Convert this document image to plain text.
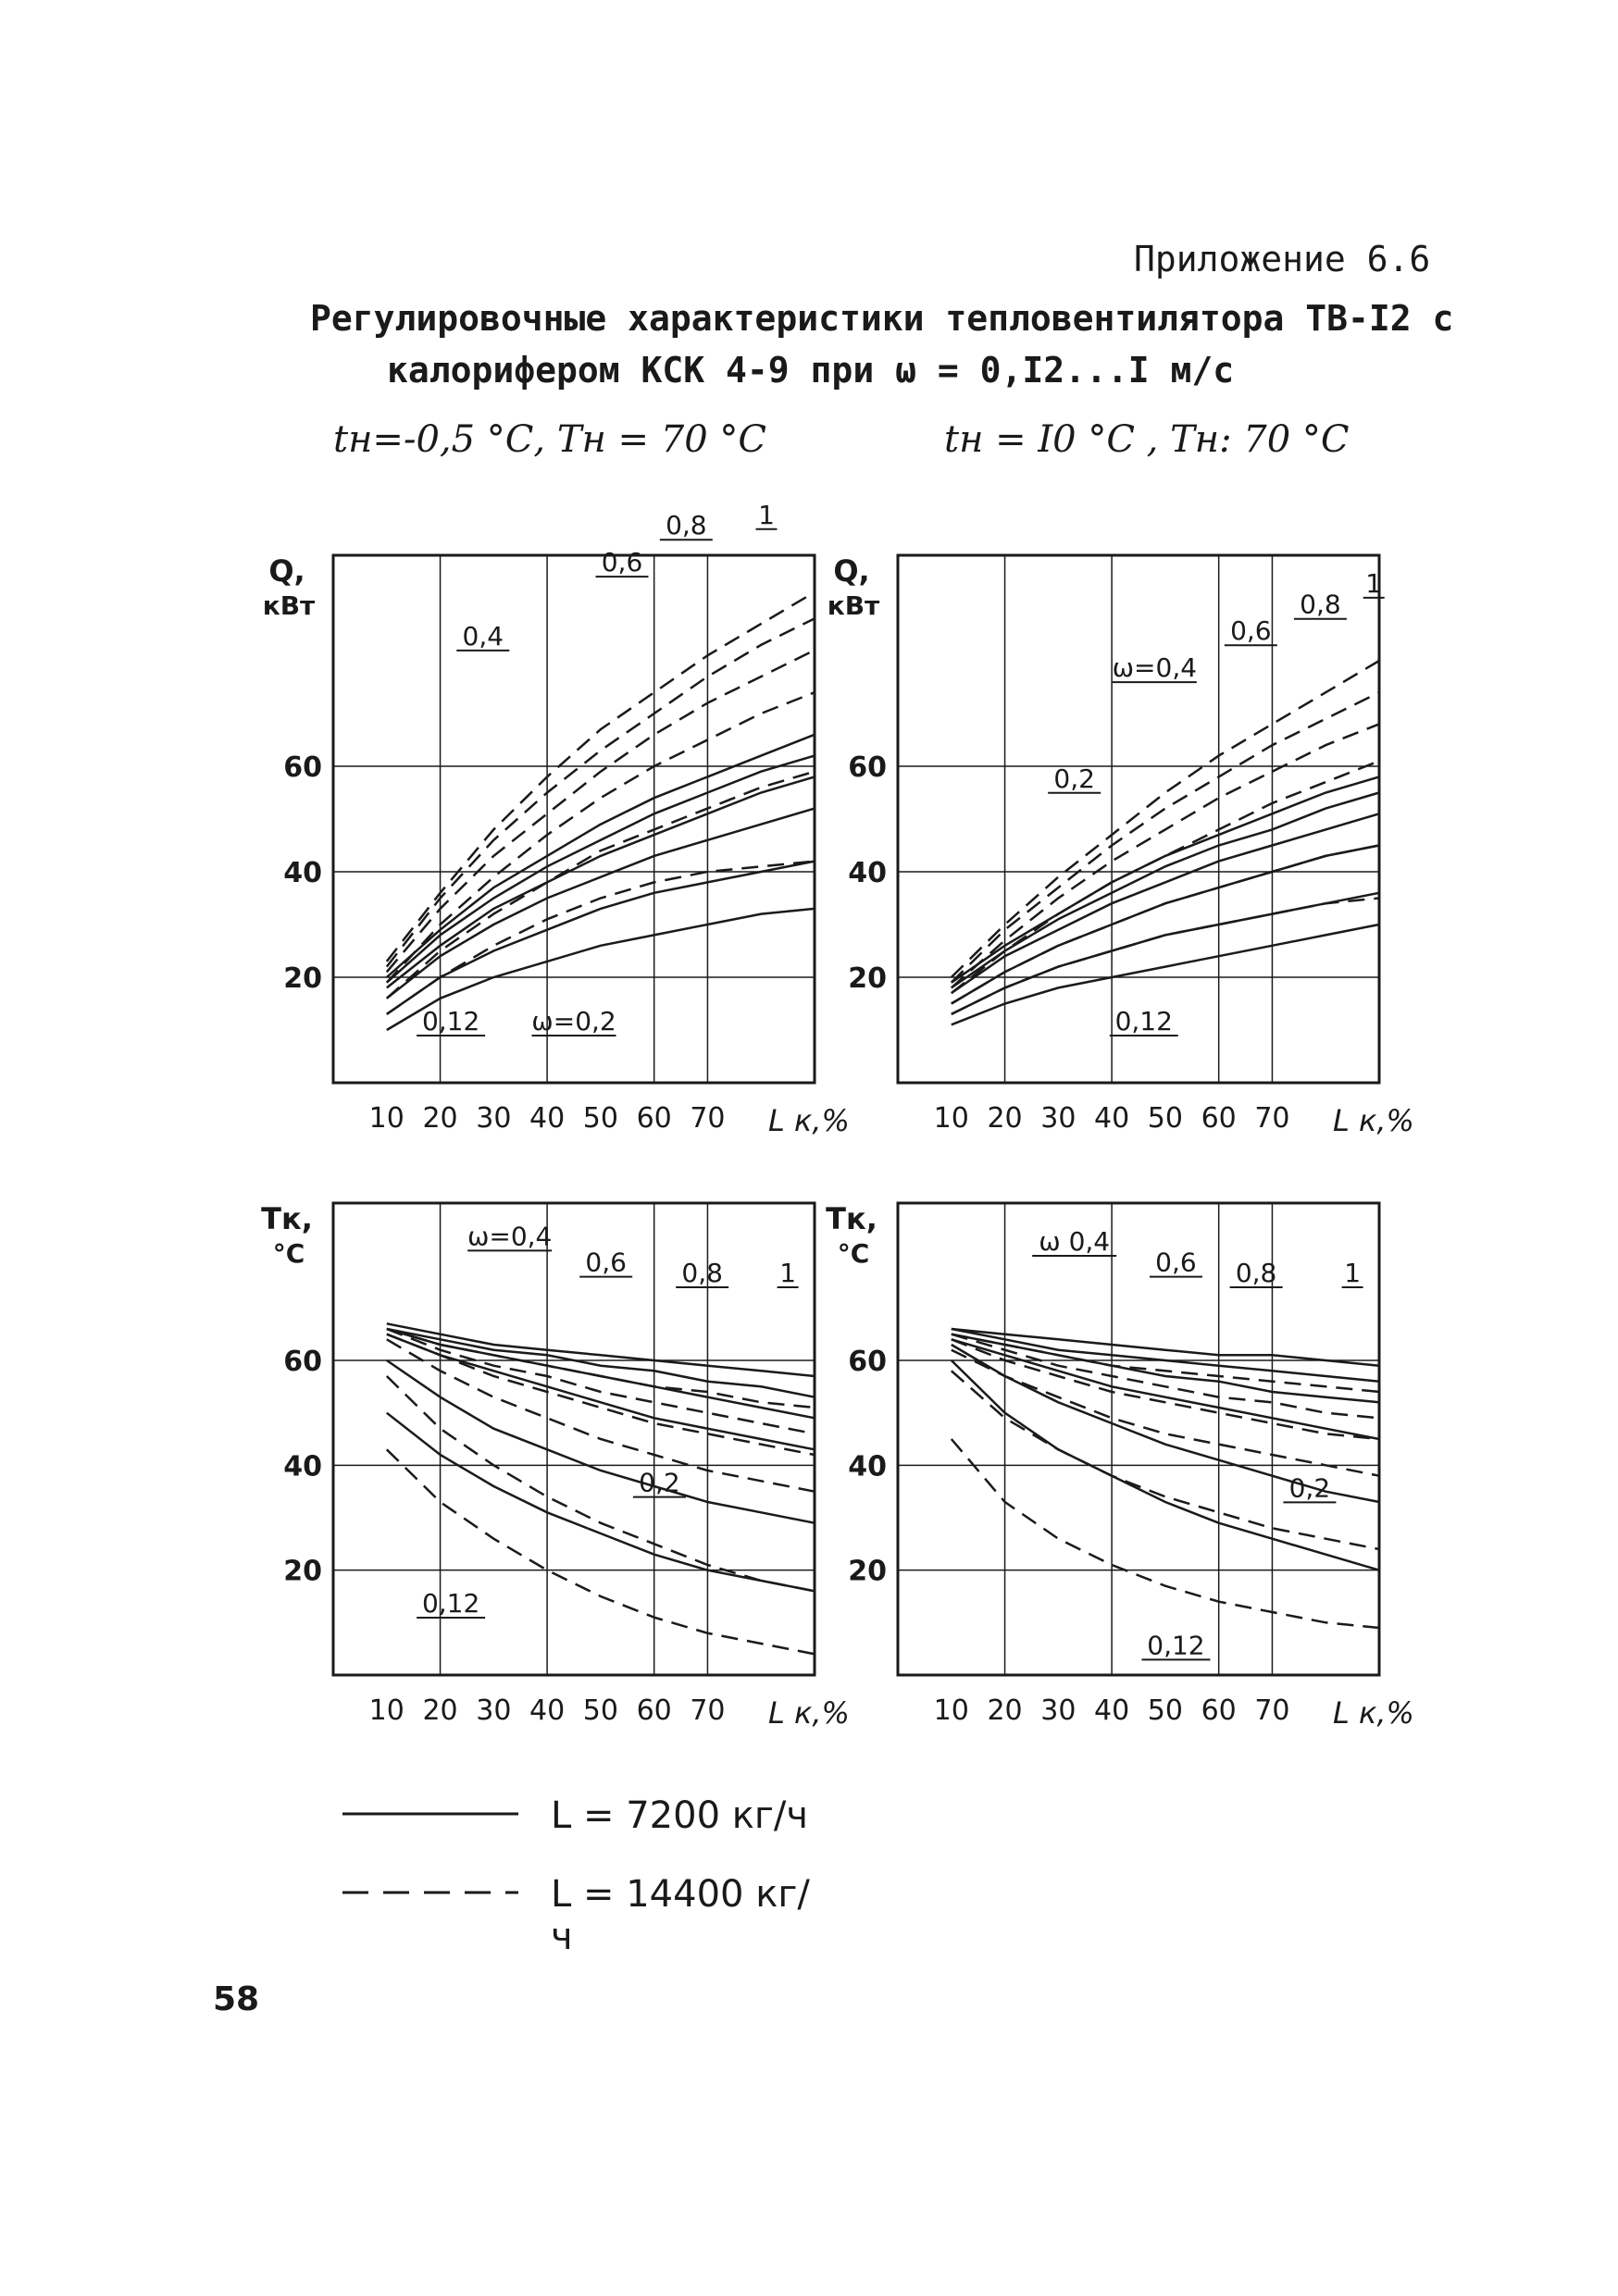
Приложение 6.6
Регулировочные характеристики тепловентилятора ТВ-I2 с
калорифером КСК 4-9 при ω = 0,I2...I м/с
tн=-0,5 °С, Тн = 70 °С	tн = I0 °С , Тн: 70 °С
10 20 30 40 50 60 70
20
40
60
Q,
кВт
L к,%
0,4
0,6
0,8 1
0,12 ω=0,2
10 20 30 40 50 60 70
20
40
60
Q,
кВт
L к,%
ω=0,4
0,6
0,8
1
0,2
0,12
10 20 30 40 50 60 70
20
40
60
Тк,
°С
L к,%
ω=0,4
0,6 0,8 1
0,2
0,12
10 20 30 40 50 60 70
20
40
60
Тк,
°С
L к,%
ω 0,4
0,6 0,8	1
0,2
0,12
L = 7200 кг/ч
L = 14400 кг/ч
58
